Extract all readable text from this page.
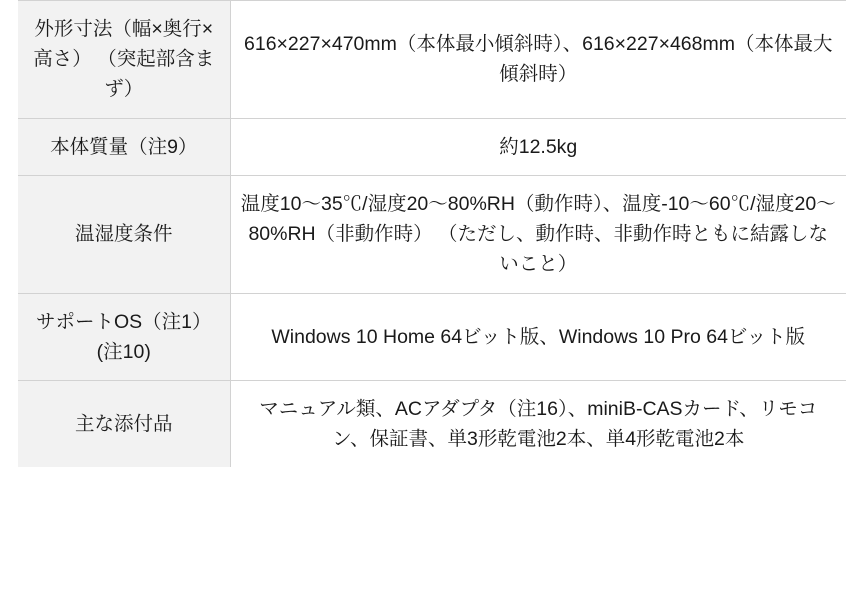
外形寸法（幅×奥行×高さ） （突起部含まず）	616×227×470mm（本体最小傾斜時）、616×227×468mm（本体最大傾斜時）
本体質量（注9）	約12.5kg
温湿度条件	温度10〜35℃/湿度20〜80%RH（動作時）、温度-10〜60℃/湿度20〜80%RH（非動作時） （ただし、動作時、非動作時ともに結露しないこと）
サポートOS（注1）(注10)	Windows 10 Home 64ビット版、Windows 10 Pro 64ビット版
主な添付品	マニュアル類、ACアダプタ（注16）、miniB-CASカード、リモコン、保証書、単3形乾電池2本、単4形乾電池2本
